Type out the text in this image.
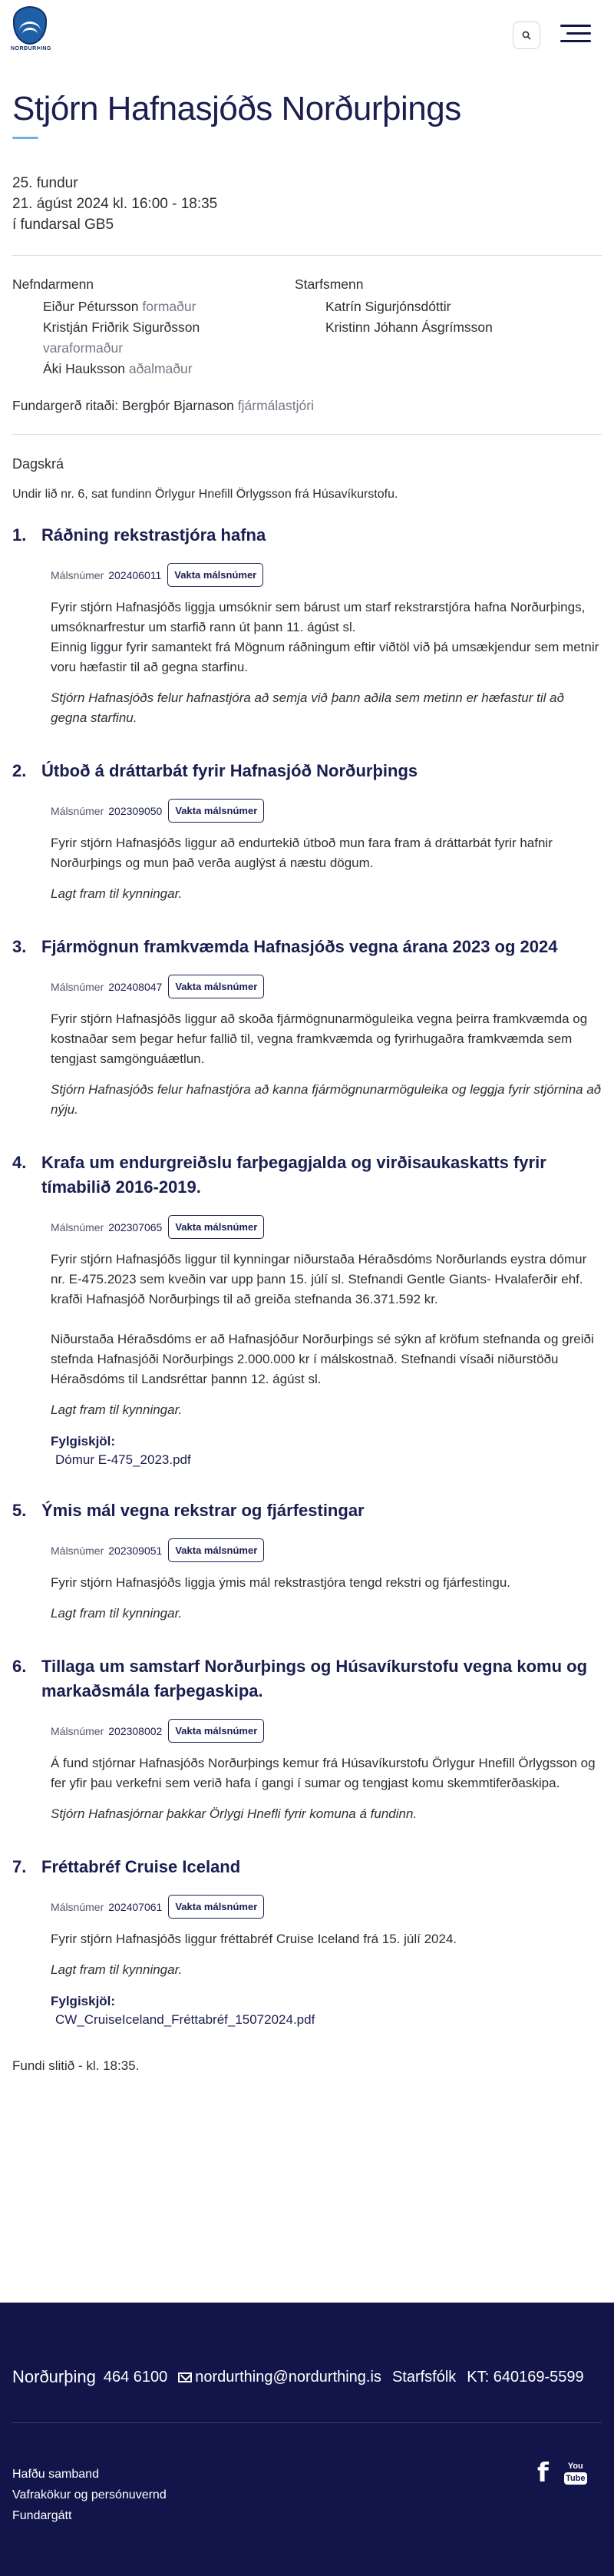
NORÐURÞING
Stjórn Hafnasjóðs Norðurþings
25. fundur
21. ágúst 2024 kl. 16:00 - 18:35
í fundarsal GB5
Nefndarmenn
Eiður Pétursson formaður
Kristján Friðrik Sigurðsson
varaformaður
Áki Hauksson aðalmaður
Starfsmenn
Katrín Sigurjónsdóttir
Kristinn Jóhann Ásgrímsson
Fundargerð ritaði: Bergþór Bjarnason fjármálastjóri
Dagskrá
Undir lið nr. 6, sat fundinn Örlygur Hnefill Örlygsson frá Húsavíkurstofu.
1. Ráðning rekstrastjóra hafna
Málsnúmer 202406011	Vakta málsnúmer
Fyrir stjórn Hafnasjóðs liggja umsóknir sem bárust um starf rekstrarstjóra hafna Norðurþings, umsóknarfrestur um starfið rann út þann 11. ágúst sl.
Einnig liggur fyrir samantekt frá Mögnum ráðningum eftir viðtöl við þá umsækjendur sem metnir voru hæfastir til að gegna starfinu.
Stjórn Hafnasjóðs felur hafnastjóra að semja við þann aðila sem metinn er hæfastur til að gegna starfinu.
2. Útboð á dráttarbát fyrir Hafnasjóð Norðurþings
Málsnúmer 202309050	Vakta málsnúmer
Fyrir stjórn Hafnasjóðs liggur að endurtekið útboð mun fara fram á dráttarbát fyrir hafnir Norðurþings og mun það verða auglýst á næstu dögum.
Lagt fram til kynningar.
3. Fjármögnun framkvæmda Hafnasjóðs vegna árana 2023 og 2024
Málsnúmer 202408047	Vakta málsnúmer
Fyrir stjórn Hafnasjóðs liggur að skoða fjármögnunarmöguleika vegna þeirra framkvæmda og kostnaðar sem þegar hefur fallið til, vegna framkvæmda og fyrirhugaðra framkvæmda sem tengjast samgönguáætlun.
Stjórn Hafnasjóðs felur hafnastjóra að kanna fjármögnunarmöguleika og leggja fyrir stjórnina að nýju.
4. Krafa um endurgreiðslu farþegagjalda og virðisaukaskatts fyrir tímabilið 2016-2019.
Málsnúmer 202307065	Vakta málsnúmer
Fyrir stjórn Hafnasjóðs liggur til kynningar niðurstaða Héraðsdóms Norðurlands eystra dómur nr. E-475.2023 sem kveðin var upp þann 15. júlí sl. Stefnandi Gentle Giants- Hvalaferðir ehf. krafði Hafnasjóð Norðurþings til að greiða stefnanda 36.371.592 kr.
Niðurstaða Héraðsdóms er að Hafnasjóður Norðurþings sé sýkn af kröfum stefnanda og greiði stefnda Hafnasjóði Norðurþings 2.000.000 kr í málskostnað. Stefnandi vísaði niðurstöðu Héraðsdóms til Landsréttar þannn 12. ágúst sl.
Lagt fram til kynningar.
Fylgiskjöl:
Dómur E-475_2023.pdf
5. Ýmis mál vegna rekstrar og fjárfestingar
Málsnúmer 202309051	Vakta málsnúmer
Fyrir stjórn Hafnasjóðs liggja ýmis mál rekstrastjóra tengd rekstri og fjárfestingu.
Lagt fram til kynningar.
6. Tillaga um samstarf Norðurþings og Húsavíkurstofu vegna komu og markaðsmála farþegaskipa.
Málsnúmer 202308002	Vakta málsnúmer
Á fund stjórnar Hafnasjóðs Norðurþings kemur frá Húsavíkurstofu Örlygur Hnefill Örlygsson og fer yfir þau verkefni sem verið hafa í gangi í sumar og tengjast komu skemmtiferðaskipa.
Stjórn Hafnasjórnar þakkar Örlygi Hnefli fyrir komuna á fundinn.
7. Fréttabréf Cruise Iceland
Málsnúmer 202407061	Vakta málsnúmer
Fyrir stjórn Hafnasjóðs liggur fréttabréf Cruise Iceland frá 15. júlí 2024.
Lagt fram til kynningar.
Fylgiskjöl:
CW_CruiseIceland_Fréttabréf_15072024.pdf
Fundi slitið - kl. 18:35.
Norðurþing 464 6100 nordurthing@nordurthing.is Starfsfólk KT: 640169-5599
Hafðu samband
Vafrakökur og persónuvernd
Fundargátt
f	You
Tube
